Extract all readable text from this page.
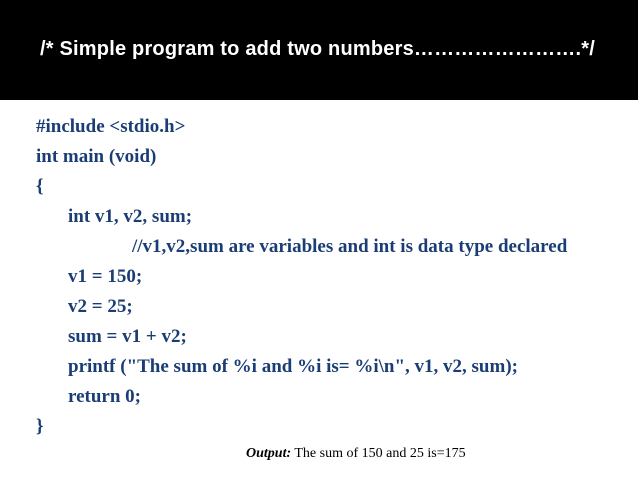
/* Simple program to add two numbers…………………….*/
#include <stdio.h>
int main (void)
{
int v1, v2, sum;
//v1,v2,sum are variables and int is data type declared
v1 = 150;
v2 = 25;
sum = v1 + v2;
printf ("The sum of %i and %i is= %i\n", v1, v2, sum);
return 0;
}
Output: The sum of 150 and 25 is=175
